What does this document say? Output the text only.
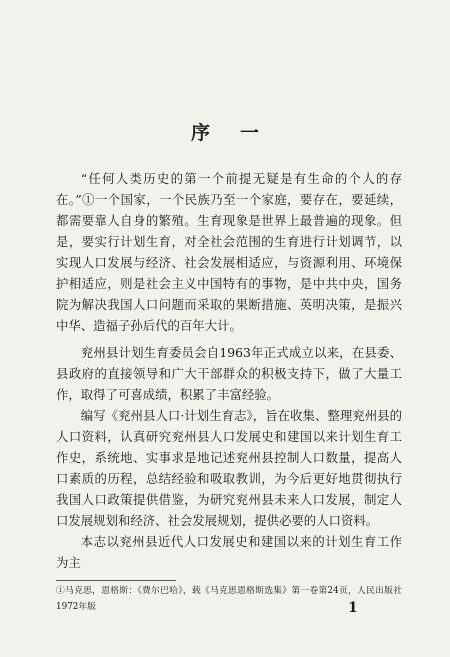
序一

“任何人类历史的第一个前提无疑是有生命的个人的存在。”①一个国家，一个民族乃至一个家庭，要存在，要延续，都需要靠人自身的繁殖。生育现象是世界上最普遍的现象。但是，要实行计划生育，对全社会范围的生育进行计划调节，以实现人口发展与经济、社会发展相适应，与资源利用、环境保护相适应，则是社会主义中国特有的事物，是中共中央，国务院为解决我国人口问题而采取的果断措施、英明决策，是振兴中华、造福子孙后代的百年大计。

兖州县计划生育委员会自1963年正式成立以来，在县委、县政府的直接领导和广大干部群众的积极支持下，做了大量工作，取得了可喜成绩，积累了丰富经验。

编写《兖州县人口·计划生育志》，旨在收集、整理兖州县的人口资料，认真研究兖州县人口发展史和建国以来计划生育工作史，系统地、实事求是地记述兖州县控制人口数量，提高人口素质的历程，总结经验和吸取教训，为今后更好地贯彻执行我国人口政策提供借鉴，为研究兖州县未来人口发展，制定人口发展规划和经济、社会发展规划，提供必要的人口资料。

本志以兖州县近代人口发展史和建国以来的计划生育工作为主

①马克思，恩格斯：《费尔巴哈》，载《马克思恩格斯选集》第一卷第24页，人民出版社1972年版	1
